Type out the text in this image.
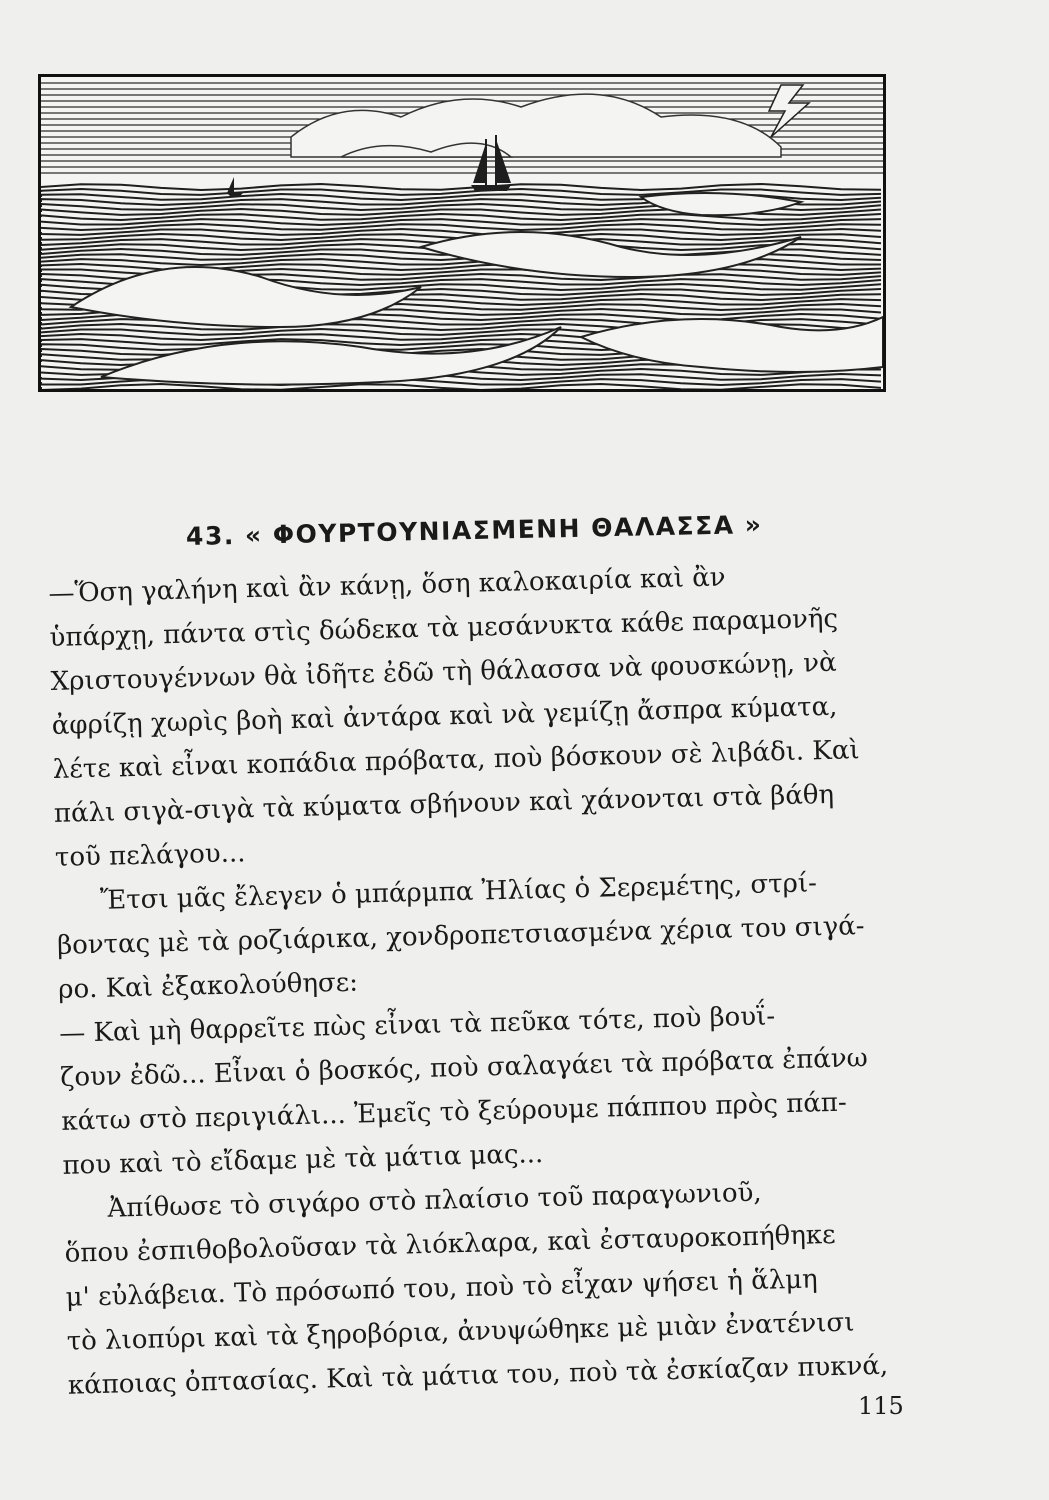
43. « ΦΟΥΡΤΟΥΝΙΑΣΜΕΝΗ ΘΑΛΑΣΣΑ »
—Ὅση γαλήνη καὶ ἂν κάνῃ, ὅση καλοκαιρία καὶ ἂν
ὑπάρχῃ, πάντα στὶς δώδεκα τὰ μεσάνυκτα κάθε παραμονῆς
Χριστουγέννων θὰ ἰδῆτε ἐδῶ τὴ θάλασσα νὰ φουσκώνῃ, νὰ
ἀφρίζῃ χωρὶς βοὴ καὶ ἀντάρα καὶ νὰ γεμίζῃ ἄσπρα κύματα,
λέτε καὶ εἶναι κοπάδια πρόβατα, ποὺ βόσκουν σὲ λιβάδι. Καὶ
πάλι σιγὰ-σιγὰ τὰ κύματα σβήνουν καὶ χάνονται στὰ βάθη
τοῦ πελάγου...
Ἔτσι μᾶς ἔλεγεν ὁ μπάρμπα Ἠλίας ὁ Σερεμέτης, στρί-
βοντας μὲ τὰ ροζιάρικα, χονδροπετσιασμένα χέρια του σιγά-
ρο. Καὶ ἐξακολούθησε:
— Καὶ μὴ θαρρεῖτε πὼς εἶναι τὰ πεῦκα τότε, ποὺ βουΐ-
ζουν ἐδῶ... Εἶναι ὁ βοσκός, ποὺ σαλαγάει τὰ πρόβατα ἐπάνω
κάτω στὸ περιγιάλι... Ἐμεῖς τὸ ξεύρουμε πάππου πρὸς πάπ-
που καὶ τὸ εἴδαμε μὲ τὰ μάτια μας...
Ἀπίθωσε τὸ σιγάρο στὸ πλαίσιο τοῦ παραγωνιοῦ,
ὅπου ἐσπιθοβολοῦσαν τὰ λιόκλαρα, καὶ ἐσταυροκοπήθηκε
μ' εὐλάβεια. Τὸ πρόσωπό του, ποὺ τὸ εἶχαν ψήσει ἡ ἅλμη
τὸ λιοπύρι καὶ τὰ ξηροβόρια, ἀνυψώθηκε μὲ μιὰν ἐνατένισι
κάποιας ὀπτασίας. Καὶ τὰ μάτια του, ποὺ τὰ ἐσκίαζαν πυκνά,
115
